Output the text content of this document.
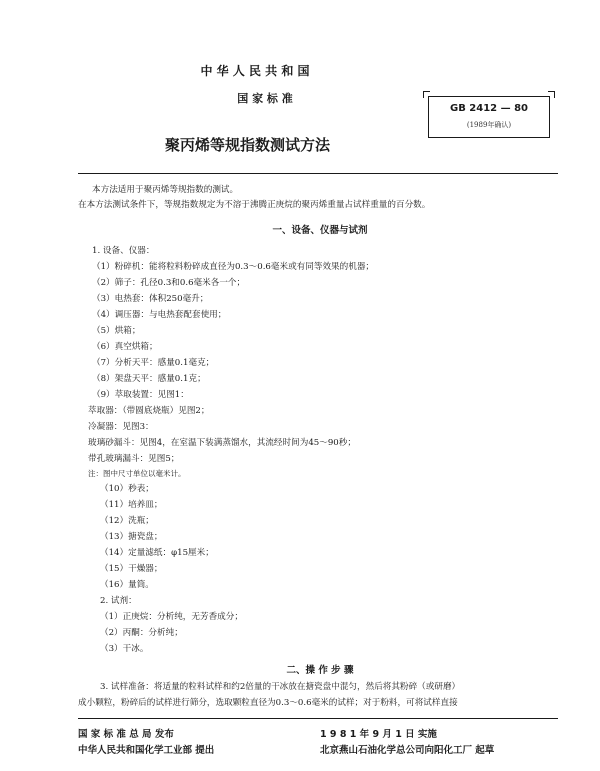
中 华 人 民 共 和 国
国 家 标 准
GB 2412 — 80
(1989年确认)
聚丙烯等规指数测试方法
本方法适用于聚丙烯等规指数的测试。
在本方法测试条件下，等规指数规定为不溶于沸腾正庚烷的聚丙烯重量占试样重量的百分数。
一、设备、仪器与试剂
1. 设备、仪器：
（1）粉碎机：能将粒料粉碎成直径为0.3～0.6毫米或有同等效果的机器；
（2）筛子：孔径0.3和0.6毫米各一个；
（3）电热套：体积250毫升；
（4）调压器：与电热套配套使用；
（5）烘箱；
（6）真空烘箱；
（7）分析天平：感量0.1毫克；
（8）架盘天平：感量0.1克；
（9）萃取装置：见图1：
萃取器：（带圆底烧瓶）见图2；
冷凝器：见图3：
玻璃砂漏斗：见图4，在室温下装满蒸馏水，其流经时间为45～90秒；
带孔玻璃漏斗：见图5；
注：图中尺寸单位以毫米计。
（10）秒表；
（11）培养皿；
（12）洗瓶；
（13）搪瓷盘；
（14）定量滤纸：φ15厘米；
（15）干燥器；
（16）量筒。
2. 试剂：
（1）正庚烷：分析纯，无芳香成分；
（2）丙酮：分析纯；
（3）干冰。
二、操 作 步 骤
3. 试样准备：将适量的粒料试样和约2倍量的干冰放在搪瓷盘中混匀，然后将其粉碎（或研磨）
成小颗粒，粉碎后的试样进行筛分，选取颗粒直径为0.3～0.6毫米的试样；对于粉料，可将试样直接
国 家 标 准 总 局 发布	1 9 8 1 年 9 月 1 日 实施
中华人民共和国化学工业部 提出	北京燕山石油化学总公司向阳化工厂 起草
